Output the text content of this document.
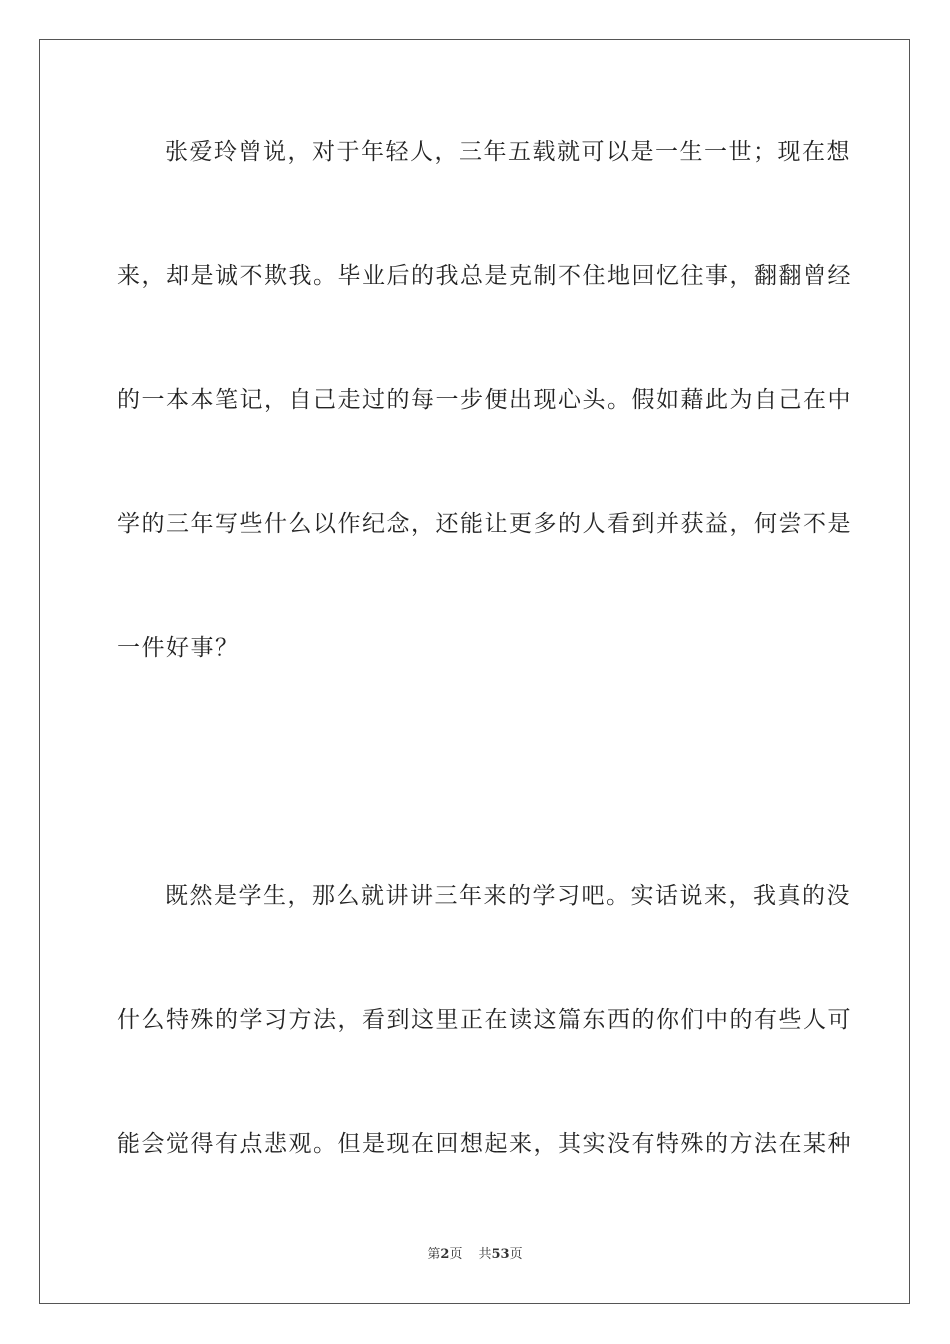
张爱玲曾说，对于年轻人，三年五载就可以是一生一世；现在想
来，却是诚不欺我。毕业后的我总是克制不住地回忆往事，翻翻曾经
的一本本笔记，自己走过的每一步便出现心头。假如藉此为自己在中
学的三年写些什么以作纪念，还能让更多的人看到并获益，何尝不是
一件好事？
既然是学生，那么就讲讲三年来的学习吧。实话说来，我真的没
什么特殊的学习方法，看到这里正在读这篇东西的你们中的有些人可
能会觉得有点悲观。但是现在回想起来，其实没有特殊的方法在某种
第2页 共53页
